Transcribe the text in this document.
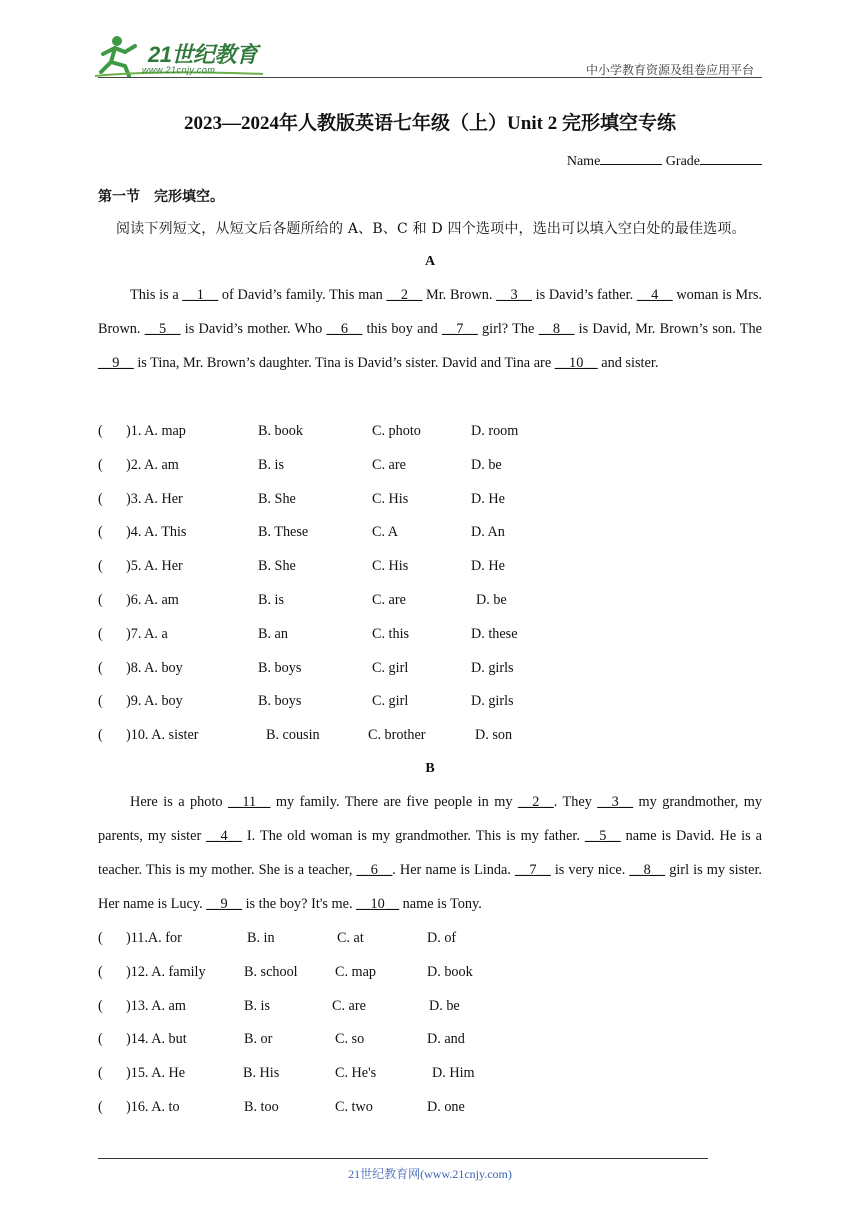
21世纪教育
www.21cnjy.com	中小学教育资源及组卷应用平台
2023—2024年人教版英语七年级（上）Unit 2 完形填空专练
Name	Grade
第一节　完形填空。
阅读下列短文，从短文后各题所给的 A、B、C 和 D 四个选项中，选出可以填入空白处的最佳选项。
A
This is a __1__ of David’s family. This man __2__ Mr. Brown. __3__ is David’s father. __4__ woman is Mrs. Brown. __5__ is David’s mother. Who __6__ this boy and __7__ girl? The __8__ is David, Mr. Brown’s son. The __9__ is Tina, Mr. Brown’s daughter. Tina is David’s sister. David and Tina are __10__ and sister.
( )1. A. map	B. book	C. photo	D. room
( )2. A. am	B. is	C. are	D. be
( )3. A. Her	B. She	C. His	D. He
( )4. A. This	B. These	C. A	D. An
( )5. A. Her	B. She	C. His	D. He
( )6. A. am	B. is	C. are	D. be
( )7. A. a	B. an	C. this	D. these
( )8. A. boy	B. boys	C. girl	D. girls
( )9. A. boy	B. boys	C. girl	D. girls
( )10. A. sister	B. cousin	C. brother	D. son
B
Here is a photo __11__ my family. There are five people in my __2__. They __3__ my grandmother, my parents, my sister __4__ I. The old woman is my grandmother. This is my father. __5__ name is David. He is a teacher. This is my mother. She is a teacher, __6__. Her name is Linda. __7__ is very nice. __8__ girl is my sister. Her name is Lucy. __9__ is the boy? It's me. __10__ name is Tony.
( )11.A. for	B. in	C. at	D. of
( )12. A. family	B. school	C. map	D. book
( )13. A. am	B. is	C. are	D. be
( )14. A. but	B. or	C. so	D. and
( )15. A. He	B. His	C. He's	D. Him
( )16. A. to	B. too	C. two	D. one
21世纪教育网(www.21cnjy.com)
